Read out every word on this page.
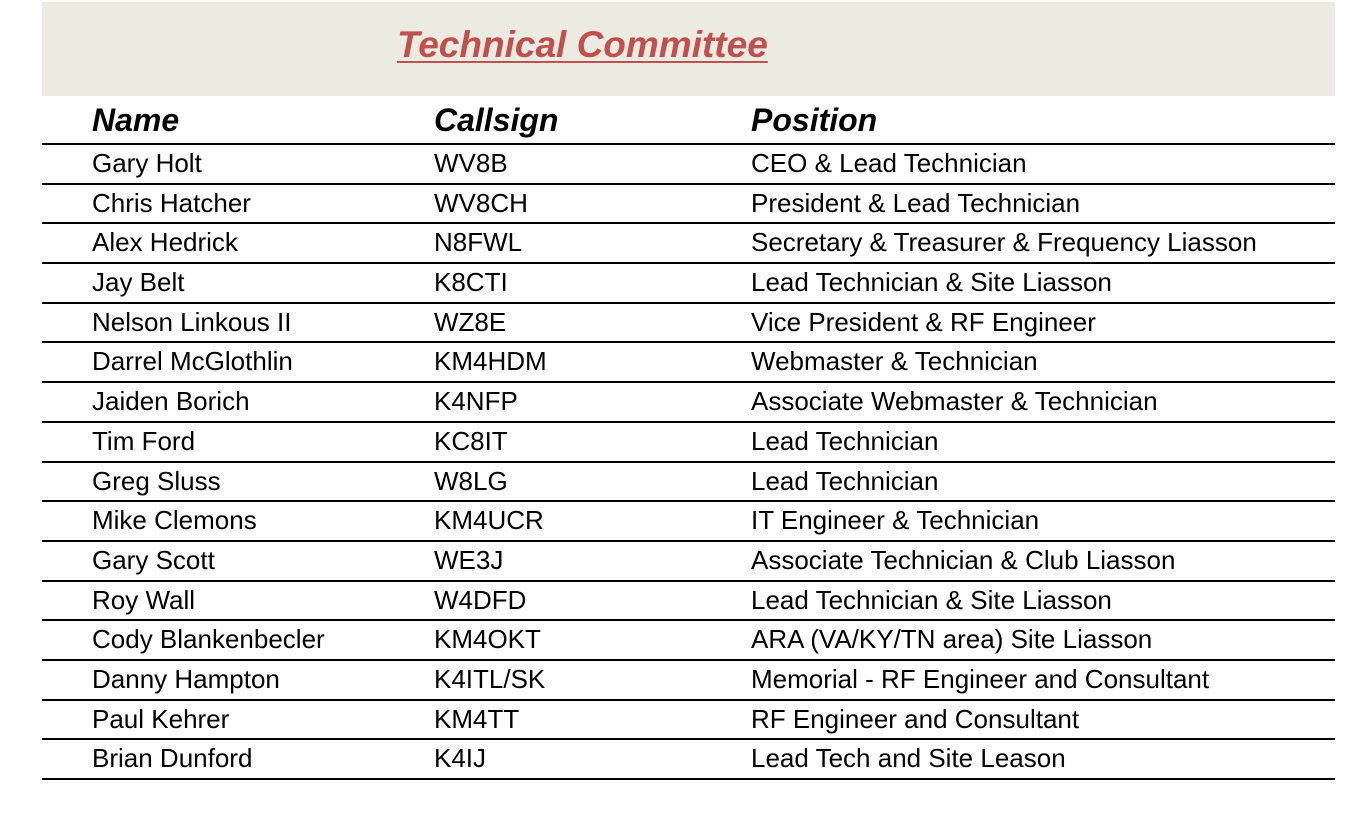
Technical Committee
Name	Callsign	Position
Gary Holt	WV8B	CEO & Lead Technician
Chris Hatcher	WV8CH	President & Lead Technician
Alex Hedrick	N8FWL	Secretary & Treasurer & Frequency Liasson
Jay Belt	K8CTI	Lead Technician & Site Liasson
Nelson Linkous II	WZ8E	Vice President & RF Engineer
Darrel McGlothlin	KM4HDM	Webmaster & Technician
Jaiden Borich	K4NFP	Associate Webmaster & Technician
Tim Ford	KC8IT	Lead Technician
Greg Sluss	W8LG	Lead Technician
Mike Clemons	KM4UCR	IT Engineer & Technician
Gary Scott	WE3J	Associate Technician & Club Liasson
Roy Wall	W4DFD	Lead Technician & Site Liasson
Cody Blankenbecler	KM4OKT	ARA (VA/KY/TN area) Site Liasson
Danny Hampton	K4ITL/SK	Memorial - RF Engineer and Consultant
Paul Kehrer	KM4TT	RF Engineer and Consultant
Brian Dunford	K4IJ	Lead Tech and Site Leason
